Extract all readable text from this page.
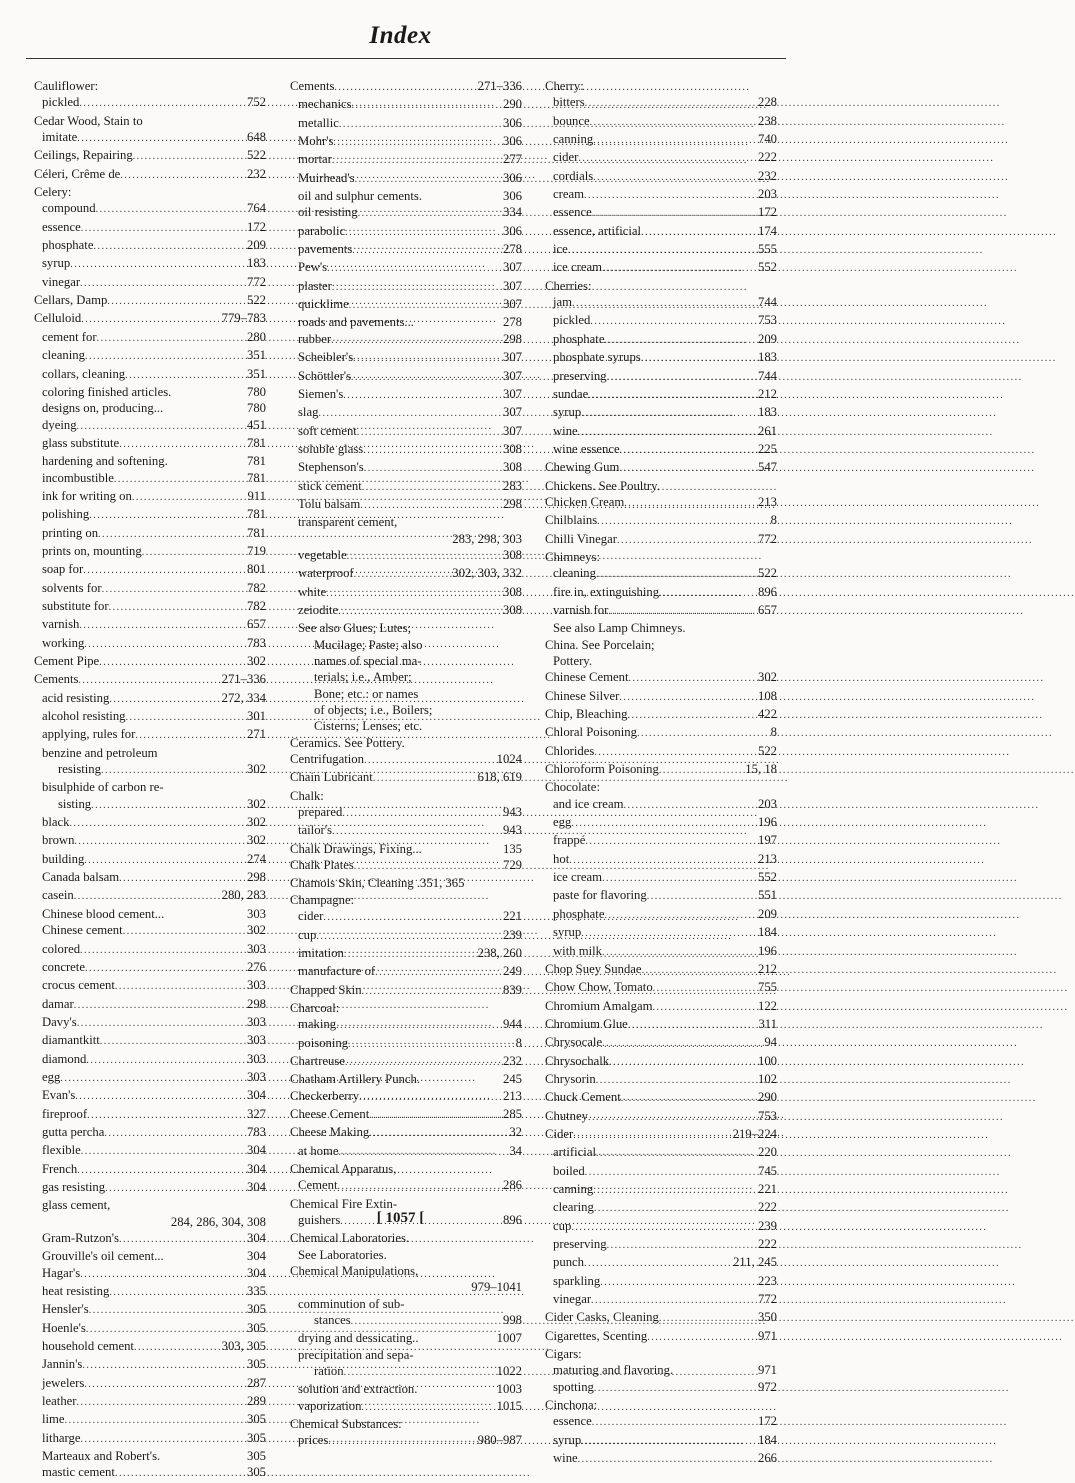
Index
Cauliflower:
pickled .....	752
Cedar Wood, Stain to
imitate .....	648
Ceilings, Repairing .....	522
Céleri, Crême de .....	232
Celery:
compound .....	764
essence .....	172
phosphate .....	209
syrup .....	183
vinegar .....	772
Cellars, Damp .....	522
Celluloid .....	779–783
cement for .....	280
cleaning .....	351
collars, cleaning .....	351
coloring finished articles.	780
designs on, producing...	780
dyeing .....	451
glass substitute .....	781
hardening and softening.	781
incombustible .....	781
ink for writing on .....	911
polishing .....	781
printing on .....	781
prints on, mounting .....	719
soap for .....	801
solvents for .....	782
substitute for .....	782
varnish .....	657
working .....	783
Cement Pipe .....	302
Cements .....	271–336
acid resisting .....	272, 334
alcohol resisting .....	301
applying, rules for .....	271
benzine and petroleum
resisting .....	302
bisulphide of carbon re-
sisting .....	302
black .....	302
brown .....	302
building .....	274
Canada balsam .....	298
casein .....	280, 283
Chinese blood cement...	303
Chinese cement .....	302
colored .....	303
concrete .....	276
crocus cement .....	303
damar .....	298
Davy's .....	303
diamantkitt .....	303
diamond .....	303
egg .....	303
Evan's .....	304
fireproof .....	327
gutta percha .....	783
flexible .....	304
French .....	304
gas resisting .....	304
glass cement,
284, 286, 304, 308
Gram-Rutzon's .....	304
Grouville's oil cement...	304
Hagar's .....	304
heat resisting .....	335
Hensler's .....	305
Hoenle's .....	305
household cement .....	303, 305
Jannin's .....	305
jewelers .....	287
leather .....	289
lime .....	305
litharge .....	305
Marteaux and Robert's.	305
mastic cement .....	305
Cements .....	271–336
mechanics .....	290
metallic .....	306
Mohr's .....	306
mortar .....	277
Muirhead's .....	306
oil and sulphur cements.	306
oil resisting .....	334
parabolic .....	306
pavements .....	278
Pew's .....	307
plaster .....	307
quicklime .....	307
roads and pavements...	278
rubber .....	298
Scheibler's .....	307
Schöttler's .....	307
Siemen's .....	307
slag .....	307
soft cement .....	307
soluble glass .....	308
Stephenson's .....	308
stick cement .....	283
Tolu balsam .....	298
transparent cement,
283, 298, 303
vegetable .....	308
waterproof .....	302, 303, 332
white .....	308
zeiodite .....	308
See also Glues; Lutes;
Mucilage; Paste; also
names of special ma-
terials; i.e., Amber;
Bone; etc.: or names
of objects; i.e., Boilers;
Cisterns; Lenses; etc.
Ceramics. See Pottery.
Centrifugation .....	1024
Chain Lubricant .....	618, 619
Chalk:
prepared .....	943
tailor's .....	943
Chalk Drawings, Fixing...	135
Chalk Plates .....	729
Chamois Skin, Cleaning .351, 365
Champagne:
cider .....	221
cup .....	239
imitation .....	238, 260
manufacture of .....	249
Chapped Skin .....	839
Charcoal:
making .....	944
poisoning .....	8
Chartreuse .....	232
Chatham Artillery Punch.	245
Checkerberry .....	213
Cheese Cement .....	285
Cheese Making .....	32
at home .....	34
Chemical Apparatus,
Cement .....	286
Chemical Fire Extin-
guishers .....	896
Chemical Laboratories.
See Laboratories.
Chemical Manipulations,
979–1041
comminution of sub-
stances .....	998
drying and dessicating..	1007
precipitation and sepa-
ration .....	1022
solution and extraction.	1003
vaporization .....	1015
Chemical Substances:
prices .....	980–987
Cherry:
bitters .....	228
bounce .....	238
canning .....	740
cider .....	222
cordials .....	232
cream .....	203
essence .....	172
essence, artificial .....	174
ice .....	555
ice cream .....	552
Cherries:
jam .....	744
pickled .....	753
phosphate .....	209
phosphate syrups .....	183
preserving .....	744
sundae .....	212
syrup .....	183
wine .....	261
wine essence .....	225
Chewing Gum .....	547
Chickens. See Poultry.
Chicken Cream .....	213
Chilblains .....	8
Chilli Vinegar .....	772
Chimneys:
cleaning .....	522
fire in, extinguishing .....	896
varnish for .....	657
See also Lamp Chimneys.
China. See Porcelain;
Pottery.
Chinese Cement .....	302
Chinese Silver .....	108
Chip, Bleaching .....	422
Chloral Poisoning .....	8
Chlorides .....	522
Chloroform Poisoning .....	15, 18
Chocolate:
and ice cream .....	203
egg .....	196
frappé .....	197
hot .....	213
ice cream .....	552
paste for flavoring .....	551
phosphate .....	209
syrup .....	184
with milk .....	196
Chop Suey Sundae .....	212
Chow Chow, Tomato .....	755
Chromium Amalgam .....	122
Chromium Glue .....	311
Chrysocale .....	94
Chrysochalk .....	100
Chrysorin .....	102
Chuck Cement .....	290
Chutney .....	753
Cider .....	219–224
artificial .....	220
boiled .....	745
canning .....	221
clearing .....	222
cup .....	239
preserving .....	222
punch .....	211, 245
sparkling .....	223
vinegar .....	772
Cider Casks, Cleaning .....	350
Cigarettes, Scenting .....	971
Cigars:
maturing and flavoring.	971
spotting .....	972
Cinchona:
essence .....	172
syrup .....	184
wine .....	266
[ 1057 [
